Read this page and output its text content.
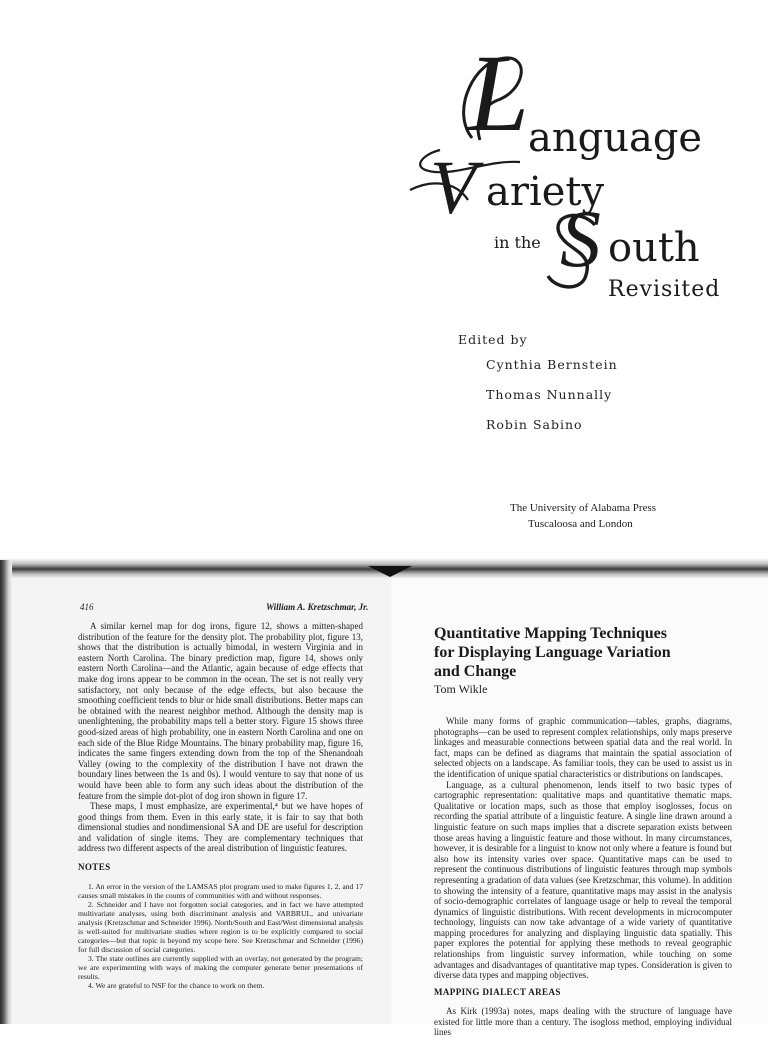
L
anguage
V ariety
in the S outh
Revisited
Edited by
Cynthia Bernstein
Thomas Nunnally
Robin Sabino
The University of Alabama Press
Tuscaloosa and London
416	William A. Kretzschmar, Jr.

A similar kernel map for dog irons, figure 12, shows a mitten-shaped distribution of the feature for the density plot. The probability plot, figure 13, shows that the distribution is actually bimodal, in western Virginia and in eastern North Carolina. The binary prediction map, figure 14, shows only eastern North Carolina—and the Atlantic, again because of edge effects that make dog irons appear to be common in the ocean. The set is not really very satisfactory, not only because of the edge effects, but also because the smoothing coefficient tends to blur or hide small distributions. Better maps can be obtained with the nearest neighbor method. Although the density map is unenlightening, the probability maps tell a better story. Figure 15 shows three good-sized areas of high probability, one in eastern North Carolina and one on each side of the Blue Ridge Mountains. The binary probability map, figure 16, indicates the same fingers extending down from the top of the Shenandoah Valley (owing to the complexity of the distribution I have not drawn the boundary lines between the 1s and 0s). I would venture to say that none of us would have been able to form any such ideas about the distribution of the feature from the simple dot-plot of dog iron shown in figure 17.

These maps, I must emphasize, are experimental,⁴ but we have hopes of good things from them. Even in this early state, it is fair to say that both dimensional studies and nondimensional SA and DE are useful for description and validation of single items. They are complementary techniques that address two different aspects of the areal distribution of linguistic features.

NOTES

1. An error in the version of the LAMSAS plot program used to make figures 1, 2, and 17 causes small mistakes in the counts of communities with and without responses.

2. Schneider and I have not forgotten social categories, and in fact we have attempted multivariate analyses, using both discriminant analysis and VARBRUL, and univariate analysis (Kretzschmar and Schneider 1996). North/South and East/West dimensional analysis is well-suited for multivariate studies where region is to be explicitly compared to social categories—but that topic is beyond my scope here. See Kretzschmar and Schneider (1996) for full discussion of social categories.

3. The state outlines are currently supplied with an overlay, not generated by the program; we are experimenting with ways of making the computer generate better presentations of results.

4. We are grateful to NSF for the chance to work on them.

Quantitative Mapping Techniques
for Displaying Language Variation
and Change
Tom Wikle

While many forms of graphic communication—tables, graphs, diagrams, photographs—can be used to represent complex relationships, only maps preserve linkages and measurable connections between spatial data and the real world. In fact, maps can be defined as diagrams that maintain the spatial association of selected objects on a landscape. As familiar tools, they can be used to assist us in the identification of unique spatial characteristics or distributions on landscapes.

Language, as a cultural phenomenon, lends itself to two basic types of cartographic representation: qualitative maps and quantitative thematic maps. Qualitative or location maps, such as those that employ isoglosses, focus on recording the spatial attribute of a linguistic feature. A single line drawn around a linguistic feature on such maps implies that a discrete separation exists between those areas having a linguistic feature and those without. In many circumstances, however, it is desirable for a linguist to know not only where a feature is found but also how its intensity varies over space. Quantitative maps can be used to represent the continuous distributions of linguistic features through map symbols representing a gradation of data values (see Kretzschmar, this volume). In addition to showing the intensity of a feature, quantitative maps may assist in the analysis of socio-demographic correlates of language usage or help to reveal the temporal dynamics of linguistic distributions. With recent developments in microcomputer technology, linguists can now take advantage of a wide variety of quantitative mapping procedures for analyzing and displaying linguistic data spatially. This paper explores the potential for applying these methods to reveal geographic relationships from linguistic survey information, while touching on some advantages and disadvantages of quantitative map types. Consideration is given to diverse data types and mapping objectives.

MAPPING DIALECT AREAS

As Kirk (1993a) notes, maps dealing with the structure of language have existed for little more than a century. The isogloss method, employing individual lines
